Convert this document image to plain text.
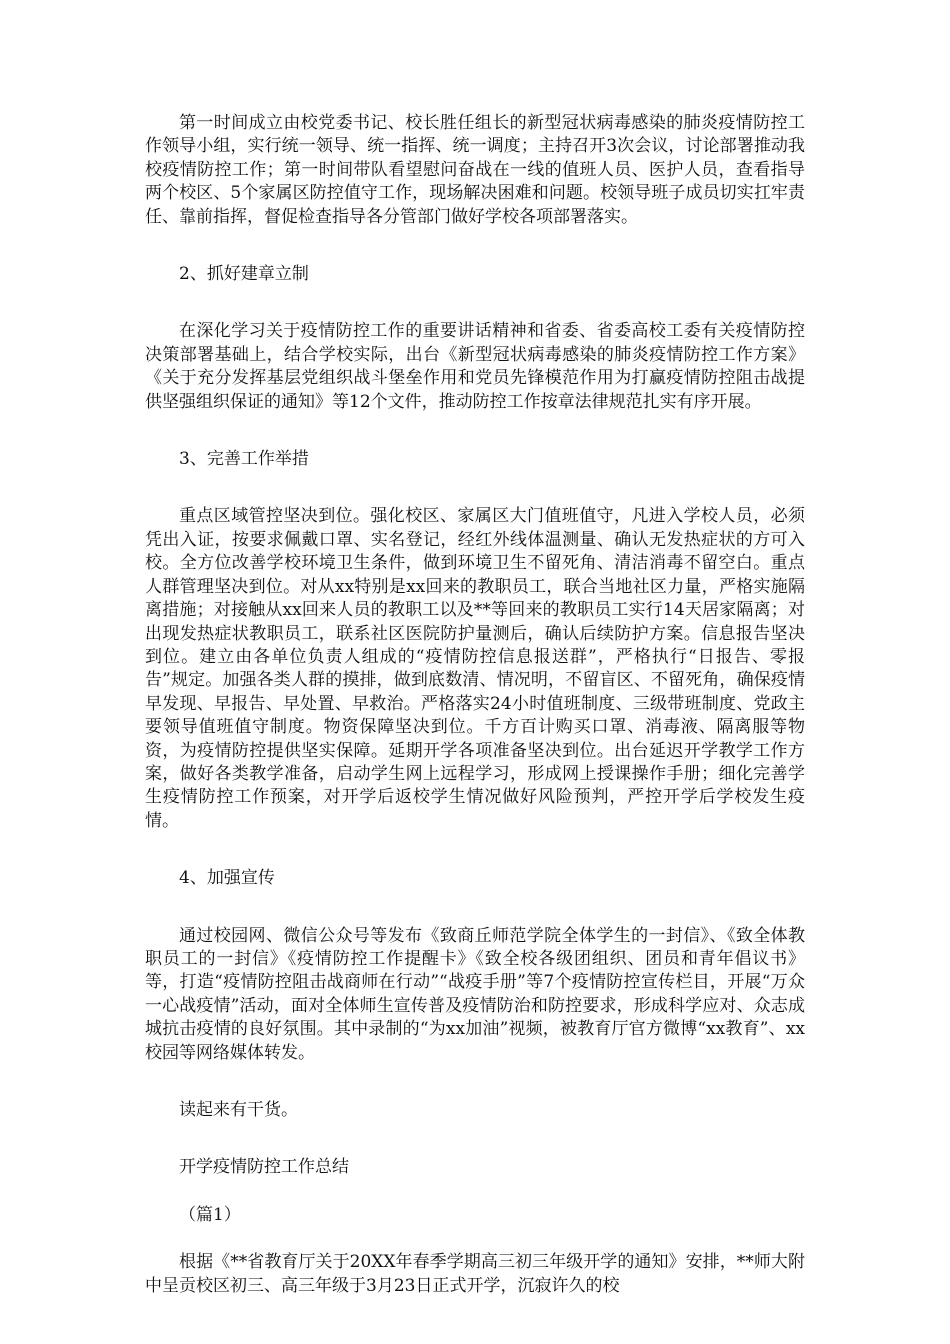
第一时间成立由校党委书记、校长胜任组长的新型冠状病毒感染的肺炎疫情防控工作领导小组，实行统一领导、统一指挥、统一调度；主持召开3次会议，讨论部署推动我校疫情防控工作；第一时间带队看望慰问奋战在一线的值班人员、医护人员，查看指导两个校区、5个家属区防控值守工作，现场解决困难和问题。校领导班子成员切实扛牢责任、靠前指挥，督促检查指导各分管部门做好学校各项部署落实。

2、抓好建章立制

在深化学习关于疫情防控工作的重要讲话精神和省委、省委高校工委有关疫情防控决策部署基础上，结合学校实际，出台《新型冠状病毒感染的肺炎疫情防控工作方案》《关于充分发挥基层党组织战斗堡垒作用和党员先锋模范作用为打赢疫情防控阻击战提供坚强组织保证的通知》等12个文件，推动防控工作按章法律规范扎实有序开展。

3、完善工作举措

重点区域管控坚决到位。强化校区、家属区大门值班值守，凡进入学校人员，必须凭出入证，按要求佩戴口罩、实名登记，经红外线体温测量、确认无发热症状的方可入校。全方位改善学校环境卫生条件，做到环境卫生不留死角、清洁消毒不留空白。重点人群管理坚决到位。对从xx特别是xx回来的教职员工，联合当地社区力量，严格实施隔离措施；对接触从xx回来人员的教职工以及**等回来的教职员工实行14天居家隔离；对出现发热症状教职员工，联系社区医院防护量测后，确认后续防护方案。信息报告坚决到位。建立由各单位负责人组成的“疫情防控信息报送群”，严格执行“日报告、零报告”规定。加强各类人群的摸排，做到底数清、情况明，不留盲区、不留死角，确保疫情早发现、早报告、早处置、早救治。严格落实24小时值班制度、三级带班制度、党政主要领导值班值守制度。物资保障坚决到位。千方百计购买口罩、消毒液、隔离服等物资，为疫情防控提供坚实保障。延期开学各项准备坚决到位。出台延迟开学教学工作方案，做好各类教学准备，启动学生网上远程学习，形成网上授课操作手册；细化完善学生疫情防控工作预案，对开学后返校学生情况做好风险预判，严控开学后学校发生疫情。

4、加强宣传

通过校园网、微信公众号等发布《致商丘师范学院全体学生的一封信》、《致全体教职员工的一封信》《疫情防控工作提醒卡》《致全校各级团组织、团员和青年倡议书》等，打造“疫情防控阻击战商师在行动”“战疫手册”等7个疫情防控宣传栏目，开展“万众一心战疫情”活动，面对全体师生宣传普及疫情防治和防控要求，形成科学应对、众志成城抗击疫情的良好氛围。其中录制的“为xx加油”视频，被教育厅官方微博“xx教育”、xx校园等网络媒体转发。

读起来有干货。

开学疫情防控工作总结

（篇1）

根据《**省教育厅关于20XX年春季学期高三初三年级开学的通知》安排，**师大附中呈贡校区初三、高三年级于3月23日正式开学，沉寂许久的校
